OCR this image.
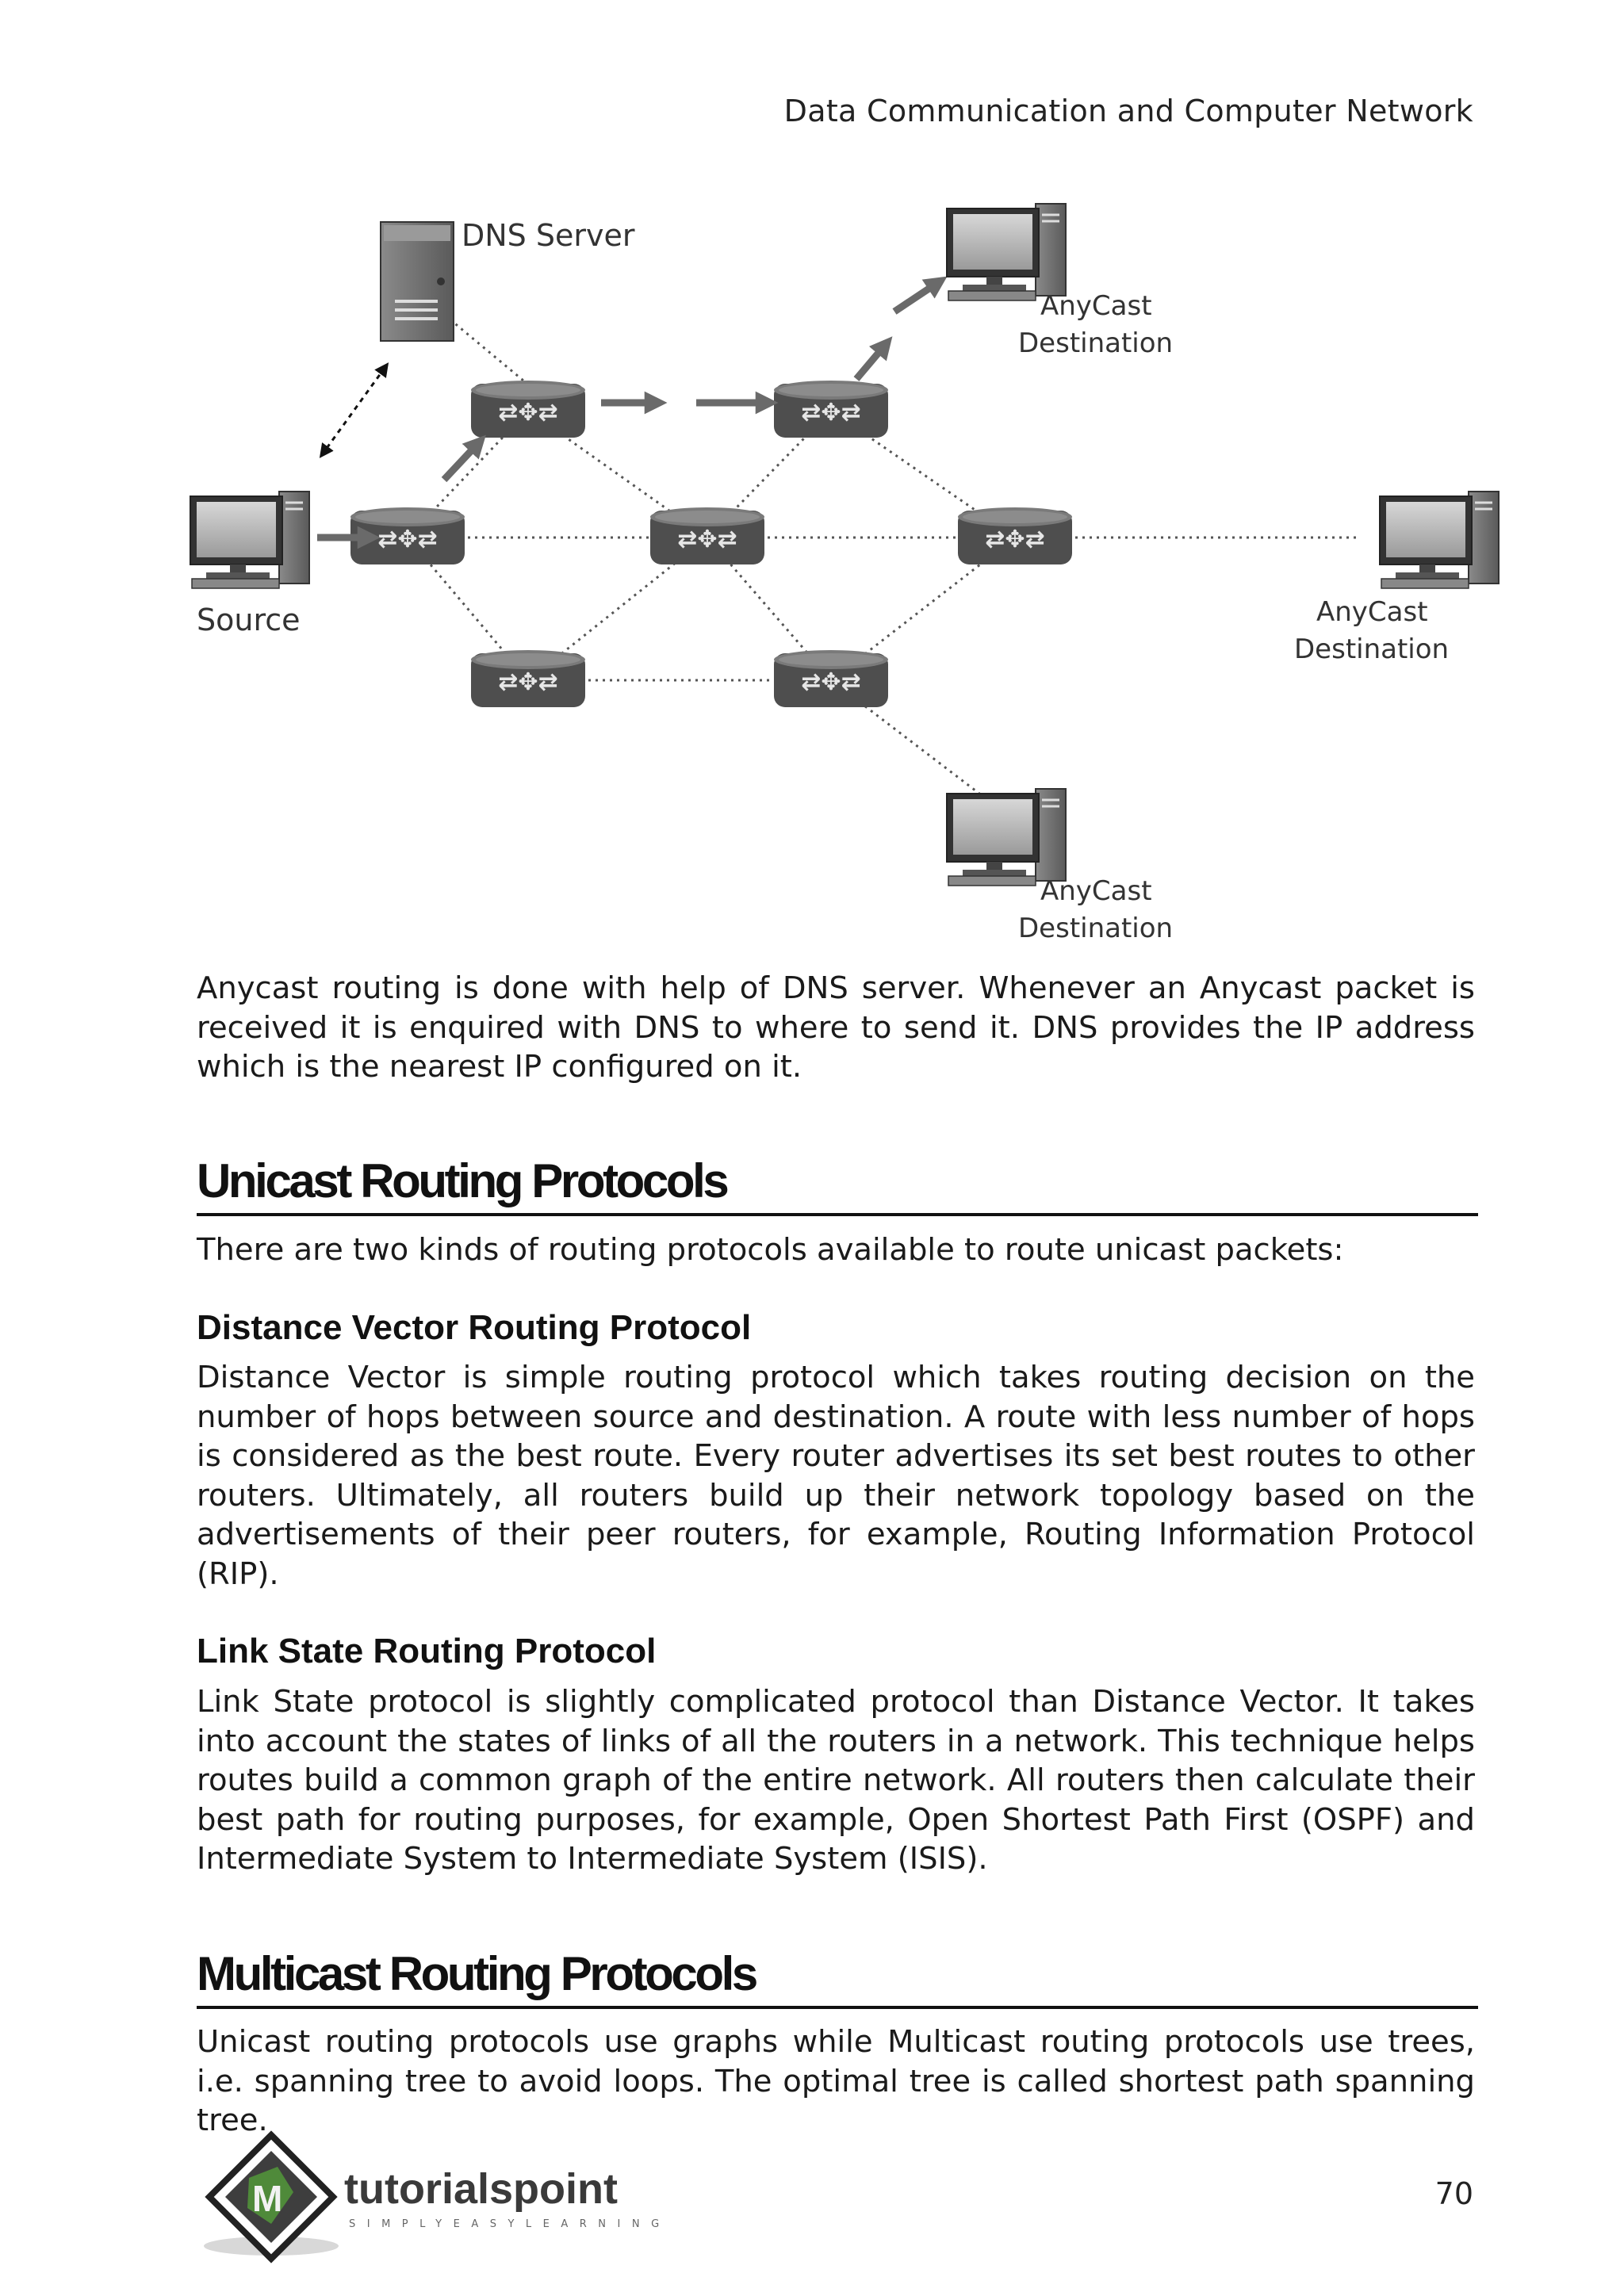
Data Communication and Computer Network
⇄✥⇄
DNS Server
Source
AnyCast
Destination
AnyCast
Destination
AnyCast
Destination
Anycast routing is done with help of DNS server. Whenever an Anycast packet is received it is enquired with DNS to where to send it. DNS provides the IP address which is the nearest IP configured on it.
Unicast Routing Protocols
There are two kinds of routing protocols available to route unicast packets:
Distance Vector Routing Protocol
Distance Vector is simple routing protocol which takes routing decision on the number of hops between source and destination. A route with less number of hops is considered as the best route. Every router advertises its set best routes to other routers. Ultimately, all routers build up their network topology based on the advertisements of their peer routers, for example, Routing Information Protocol (RIP).
Link State Routing Protocol
Link State protocol is slightly complicated protocol than Distance Vector. It takes into account the states of links of all the routers in a network. This technique helps routes build a common graph of the entire network. All routers then calculate their best path for routing purposes, for example, Open Shortest Path First (OSPF) and Intermediate System to Intermediate System (ISIS).
Multicast Routing Protocols
Unicast routing protocols use graphs while Multicast routing protocols use trees, i.e. spanning tree to avoid loops. The optimal tree is called shortest path spanning tree.
M tutorialspoint
SIMPLYEASYLEARNING
70
